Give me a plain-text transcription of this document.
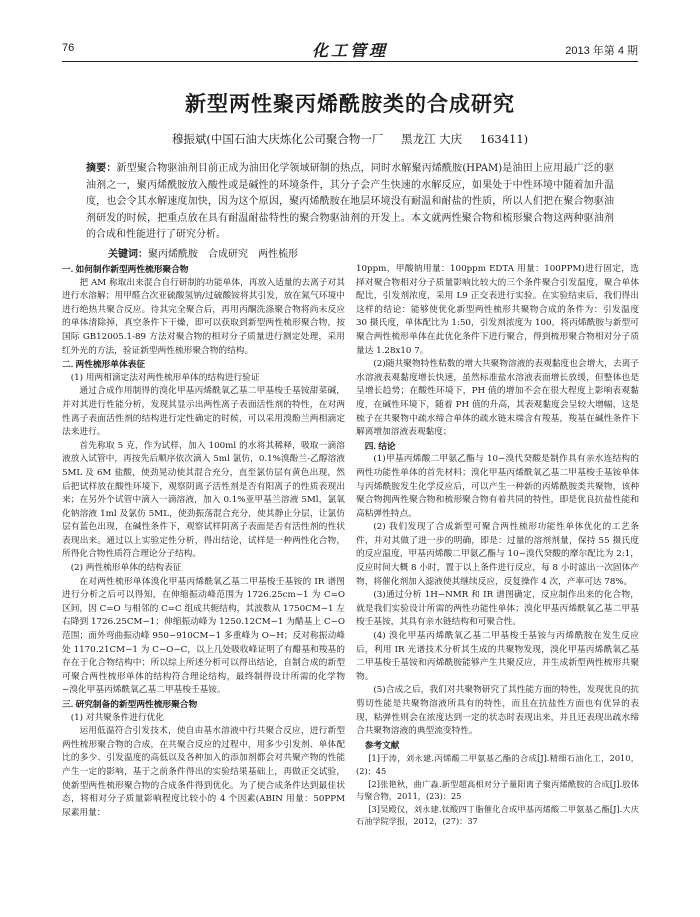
76	化工管理	2013 年第 4 期
新型两性聚丙烯酰胺类的合成研究
穆振斌(中国石油大庆炼化公司聚合物一厂 黑龙江 大庆 163411)
摘要：新型聚合物驱油剂目前正成为油田化学领域研制的热点，同时水解聚丙烯酰胺(HPAM)是油田上应用最广泛的驱油剂之一，聚丙烯酰胺放入酸性或是碱性的环境条件，其分子会产生快速的水解反应，如果处于中性环境中随着加升温度，也会令其水解速度加快，因为这个原因，聚丙烯酰胺在地层环境没有耐温和耐盐的性质，所以人们把在聚合物驱油剂研发的时候，把重点放在具有耐温耐盐特性的聚合物驱油剂的开发上。本文就两性聚合物和梳形聚合物这两种驱油剂的合成和性能进行了研究分析。

一. 如何制作新型两性梳形聚合物

把 AM 称取出来混合自行研制的功能单体，再放入适量的去离子对其进行水溶解；用甲醛合次亚硫酸氢钠/过硫酸铵将其引发，放在氮气环境中进行绝热共聚合反应。待其完全聚合后，再用丙酮洗涤聚合物将尚未反应的单体清除掉，真空条件下干燥，即可以获取到新型两性梳形聚合物，按国际 GB12005.1-89 方法对聚合物的相对分子质量进行测定处理，采用红外光的方法，验证新型两性梳形聚合物的结构。

二. 两性梳形单体表征

(1) 用两相滴定法对两性梳形单体的结构进行验证

通过合成作用制得的溴化甲基丙烯酰氧乙基二甲基梭壬基铵甜菜碱，并对其进行性能分析，发现其显示出两性离子表面活性剂的特性，在对两性离子表面活性剂的结构进行定性确定的时候，可以采用溴酚兰两相滴定法来进行。

首先称取 5 克，作为试样，加入 100ml 的水将其稀释，吸取一滴溶液放入试管中，再按先后顺序依次滴入 5ml 氯仿，0.1%溴酚兰-乙醇溶液 5ML 及 6M 盐酸，使劲晃动使其混合充分，直至氯仿层有黄色出现，然后把试样放在酸性环境下，观察阴离子活性剂是否有阳离子的性质表现出来；在另外个试管中滴入一滴溶液，加入 0.1%亚甲基兰溶液 5Ml，氯氧化钠溶液 1ml 及氯仿 5ML，使劲振荡混合充分，使其静止分层，让氯仿层有蓝色出现，在碱性条件下，观察试样阴离子表面是否有活性剂的性状表现出来。通过以上实验定性分析，得出结论，试样是一种两性化合物，所得化合物性质符合理论分子结构。

(2) 两性梳形单体的结构表征

在对两性梳形单体溴化甲基丙烯酰氧乙基二甲基梭壬基铵的 IR 谱图进行分析之后可以得知，在伸缩振动峰范围为 1726.25cm−1 为 C=O 区间，因 C=O 与相邻的 C=C 组成共轭结构，其波数从 1750CM−1 左右降到 1726.25CM−1；伸缩振动峰为 1250.12CM−1 为醋基上 C−O 范围；面外弯曲振动峰 950−910CM−1 多重峰为 O−H；反对称振动峰处 1170.21CM−1 为 C−O−C，以上几处吸收峰证明了有醋基和羧基的存在于化合物结构中；所以综上所述分析可以得出结论，自制合成的新型可聚合两性梳形单体的结构符合理论结构，最终制得设计所需的化学物−溴化甲基丙烯酰氧乙基二甲基梭壬基铵。

三. 研究制备的新型两性梳形聚合物

(1) 对共聚条件进行优化

运用低温符合引发技术，使自由基水溶液中行共聚合反应，进行新型两性梳形聚合物的合成，在共聚合反应的过程中，用多少引发剂、单体配比的多少、引发温度的高低以及各种加入的添加剂都会对共聚产物的性能产生一定的影响，基于之前条件得出的实验结果基础上，再做正交试验，使新型两性梳形聚合物的合成条件得到优化。为了使合成条件达到最佳状态，将相对分子质量影响程度比较小的 4 个因素(ABIN 用量：50PPM 尿素用量：

10ppm，甲酸钠用量：100ppm EDTA 用量：100PPM)进行固定，选择对聚合物相对分子质量影响比较大的三个条件聚合引发温度，聚合单体配比，引发剂浓度，采用 L9 正交表进行实验。在实验结束后，我们得出这样的结论：能够使优化新型两性梳形共聚物合成的条件为：引发温度 30 摄氏度，单体配比为 1:50，引发剂浓度为 100，将丙烯酰胺与新型可聚合两性梳形单体在此优化条件下进行聚合，得到梳形聚合物相对分子质量达 1.28x10 7。

(2)随共聚物特性粘数的增大共聚物溶液的表观黏度也会增大，去离子水溶液表观黏度增长快速，虽然标准盐水溶液表面增长放缓，但整体也是呈增长趋势；在酸性环境下，PH 值的增加不会在很大程度上影响表观黏度，在碱性环境下，随着 PH 值的升高，其表观黏度会呈较大增幅，这是梳子在共聚物中疏水缔合单体的疏水链末端含有羧基，羧基在碱性条件下解离增加溶液表观黏度；

四. 结论

(1)甲基丙烯酸二甲氨乙酯与 10−溴代癸酸是制作具有亲水连结构的两性功能性单体的首先材料；溴化甲基丙烯酰氧乙基二甲基梭壬基铵单体与丙烯酰胺发生化学反应后，可以产生一种新的丙烯酰胺类共聚物，该种聚合物拥两性聚合物和梳形聚合物有着共同的特性，即是优良抗盐性能和高粘弹性特点。

(2) 我们发现了合成新型可聚合两性梳形功能性单体优化的工艺条件，并对其做了进一步的明确，即是：过量的溶剂剂量，保持 55 摄氏度的反应温度，甲基丙烯酸二甲氨乙酯与 10−溴代癸酸的摩尔配比为 2:1，反应时间大概 8 小时，置于以上条件进行反应，每 8 小时滤出一次固体产物，将催化剂加入滤液使其继续反应，反复操作 4 次，产率可达 78%。

(3)通过分析 1H−NMR 和 IR 谱图确定，反应制作出来的化合物，就是我们实验设计所需的两性功能性单体；溴化甲基丙烯酰氧乙基二甲基梭壬基铵，其具有亲水链结构和可聚合性。

(4) 溴化甲基丙烯酰氧乙基二甲基梭壬基铵与丙烯酰胺在发生反应后，利用 IR 光谱技术分析其生成的共聚物发现，溴化甲基丙烯酰氧乙基二甲基梭壬基铵和丙烯酰胺能够产生共聚反应，并生成新型两性梳形共聚物。

(5)合成之后，我们对共聚物研究了其性能方面的特性，发现优良的抗剪切性能是共聚物溶液所具有的特性，而且在抗盐性方面也有优异的表现，粘弹性则会在浓度达到一定的状态时表现出来，并且还表现出疏水缔合共聚物溶液的典型流变特性。

参考文献

[1]于涛，刘永建.丙烯酸二甲氨基乙酯的合成[J].精细石油化工，2010，(2)：45

[2]张艳秋，曲广淼.新型超高相对分子量阳离子聚丙烯酰胺的合成[J].胶体与聚合物，2011，(23)：25

[3]吴殿仪，刘永建.钛酸四丁脂催化合成甲基丙烯酸二甲氨基乙酯[J].大庆石油学院学报，2012，(27)：37

关键词：聚丙烯酰胺　合成研究　两性梳形
